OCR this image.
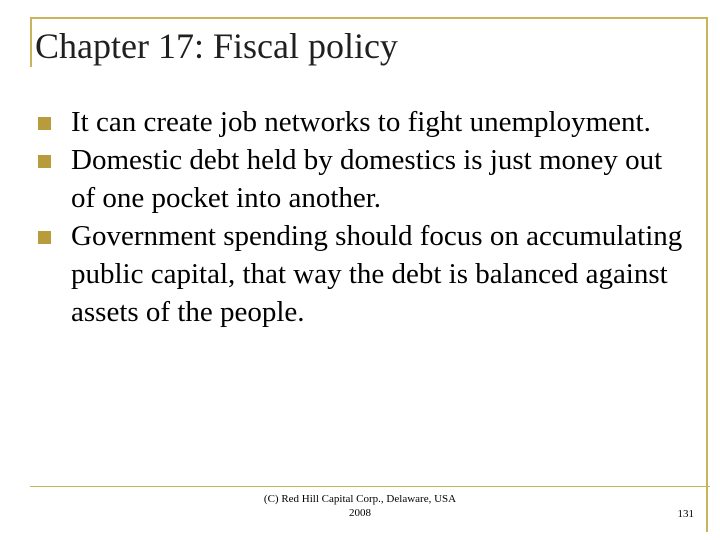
Chapter 17: Fiscal policy
It can create job networks to fight unemployment.
Domestic debt held by domestics is just money out of one pocket into another.
Government spending should focus on accumulating public capital, that way the debt is balanced against assets of the people.
(C) Red Hill Capital Corp., Delaware, USA
2008	131
